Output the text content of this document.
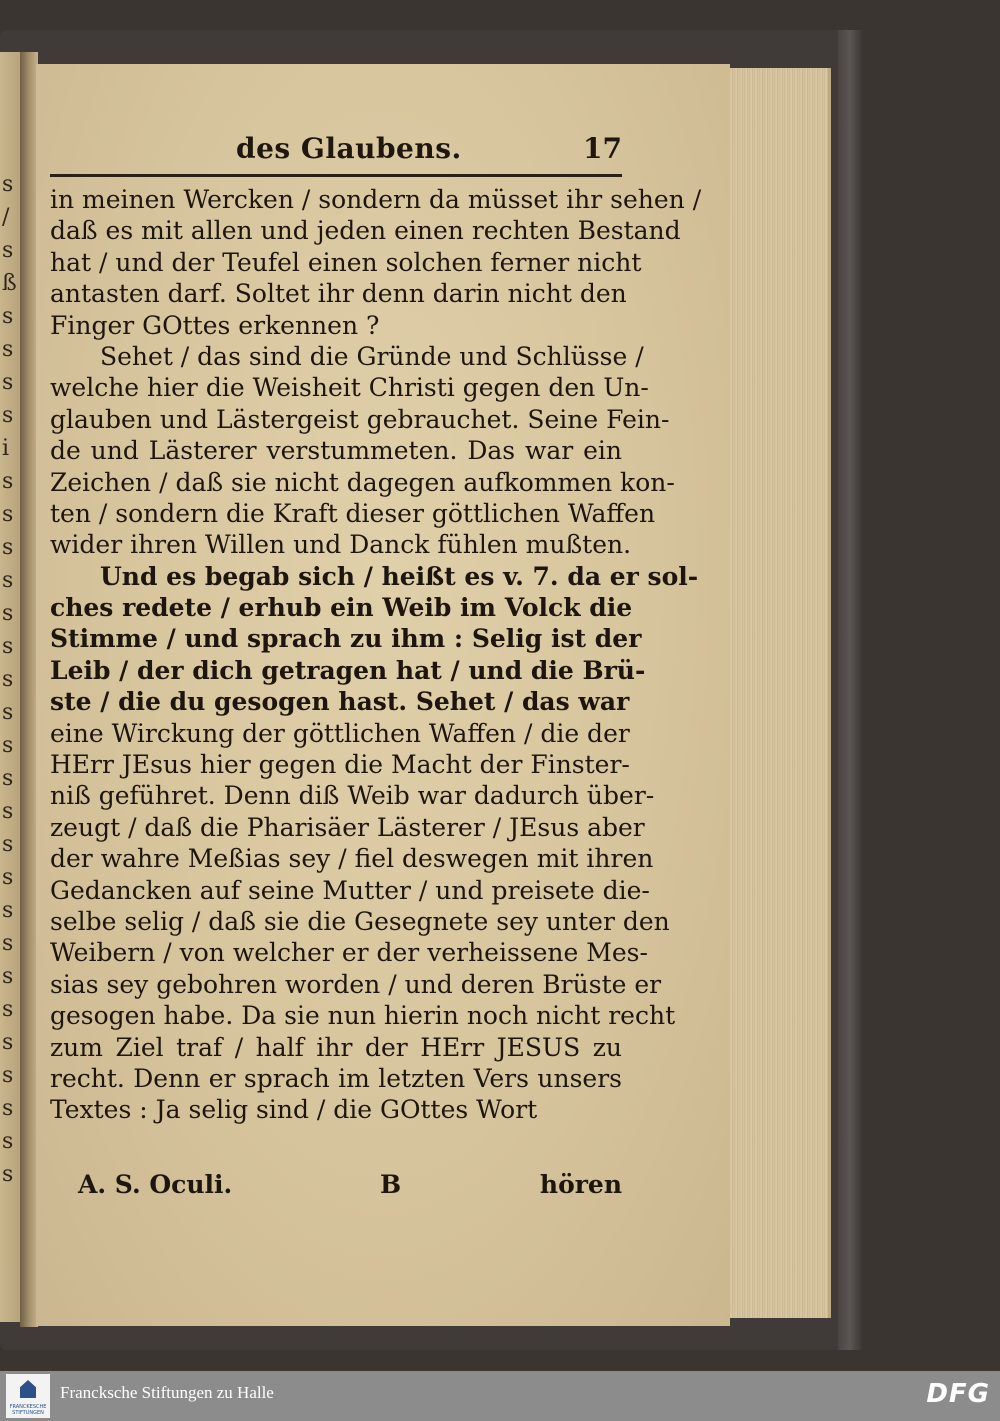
s
/
s
ß
s
s
s
s
i
s
s
s
s
s
s
s
s
s
s
s
s
s
s
s
s
s
s
s
s
s
s
des Glaubens.	17
in meinen Wercken / sondern da müsset ihr sehen /
daß es mit allen und jeden einen rechten Bestand
hat / und der Teufel einen solchen ferner nicht
antasten darf. Soltet ihr denn darin nicht den
Finger GOttes erkennen ?
Sehet / das sind die Gründe und Schlüsse /
welche hier die Weisheit Christi gegen den Un-
glauben und Lästergeist gebrauchet. Seine Fein-
de und Lästerer verstummeten. Das war ein
Zeichen / daß sie nicht dagegen aufkommen kon-
ten / sondern die Kraft dieser göttlichen Waffen
wider ihren Willen und Danck fühlen mußten.
Und es begab sich / heißt es v. 7. da er sol-
ches redete / erhub ein Weib im Volck die
Stimme / und sprach zu ihm : Selig ist der
Leib / der dich getragen hat / und die Brü-
ste / die du gesogen hast. Sehet / das war
eine Wirckung der göttlichen Waffen / die der
HErr JEsus hier gegen die Macht der Finster-
niß geführet. Denn diß Weib war dadurch über-
zeugt / daß die Pharisäer Lästerer / JEsus aber
der wahre Meßias sey / fiel deswegen mit ihren
Gedancken auf seine Mutter / und preisete die-
selbe selig / daß sie die Gesegnete sey unter den
Weibern / von welcher er der verheissene Mes-
sias sey gebohren worden / und deren Brüste er
gesogen habe. Da sie nun hierin noch nicht recht
zum Ziel traf / half ihr der HErr JESUS zu
recht. Denn er sprach im letzten Vers unsers
Textes : Ja selig sind / die GOttes Wort
A. S. Oculi.	B	hören
FRANCKESCHE STIFTUNGEN
Francksche Stiftungen zu Halle	DFG
